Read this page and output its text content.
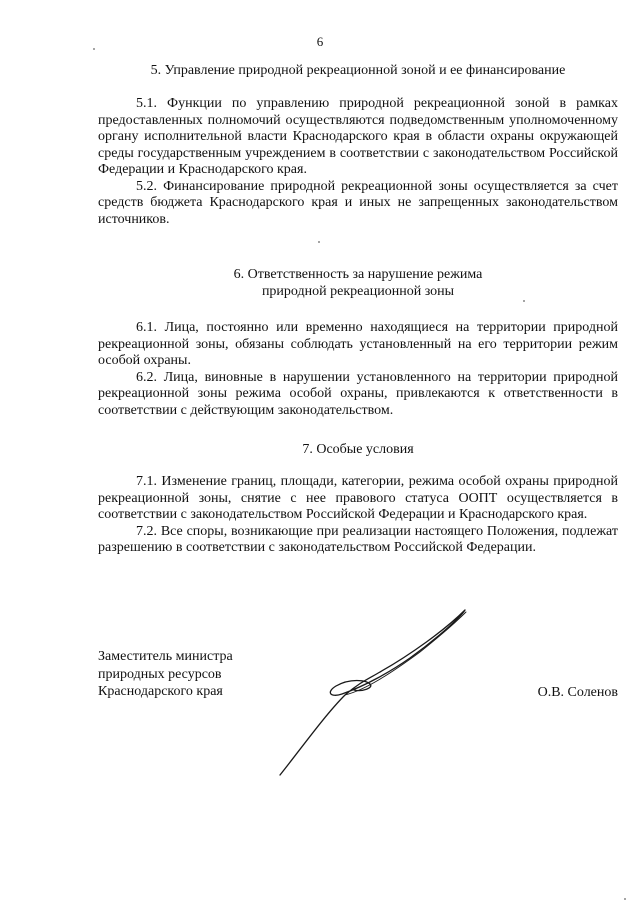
6
5. Управление природной рекреационной зоной и ее финансирование

5.1. Функции по управлению природной рекреационной зоной в рамках предоставленных полномочий осуществляются подведомственным уполномоченному органу исполнительной власти Краснодарского края в области охраны окружающей среды государственным учреждением в соответствии с законодательством Российской Федерации и Краснодарского края.

5.2. Финансирование природной рекреационной зоны осуществляется за счет средств бюджета Краснодарского края и иных не запрещенных законодательством источников.

6. Ответственность за нарушение режима
природной рекреационной зоны

6.1. Лица, постоянно или временно находящиеся на территории природной рекреационной зоны, обязаны соблюдать установленный на его территории режим особой охраны.

6.2. Лица, виновные в нарушении установленного на территории природной рекреационной зоны режима особой охраны, привлекаются к ответственности в соответствии с действующим законодательством.

7. Особые условия

7.1. Изменение границ, площади, категории, режима особой охраны природной рекреационной зоны, снятие с нее правового статуса ООПТ осуществляется в соответствии с законодательством Российской Федерации и Краснодарского края.

7.2. Все споры, возникающие при реализации настоящего Положения, подлежат разрешению в соответствии с законодательством Российской Федерации.

Заместитель министра
природных ресурсов
Краснодарского края	О.В. Соленов
